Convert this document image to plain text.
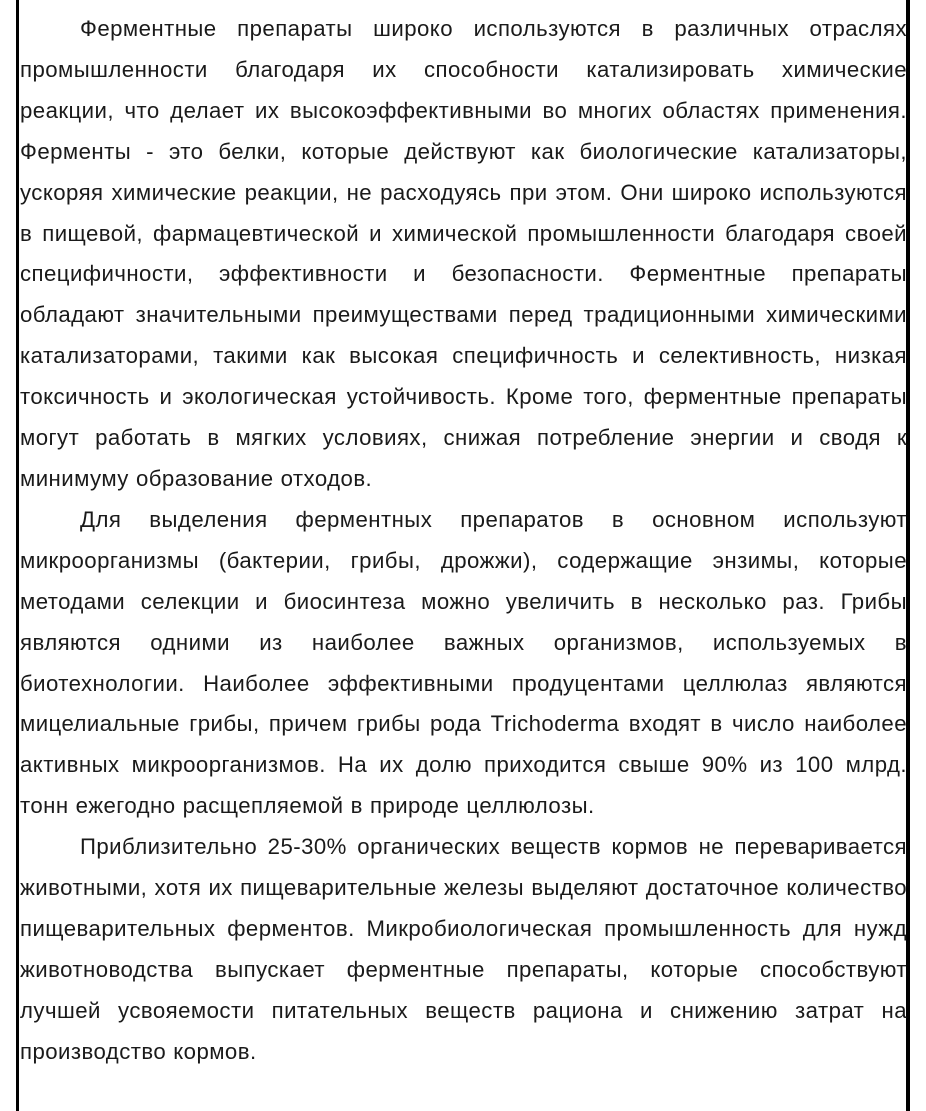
Ферментные препараты широко используются в различных отраслях промышленности благодаря их способности катализировать химические реакции, что делает их высокоэффективными во многих областях применения. Ферменты - это белки, которые действуют как биологические катализаторы, ускоряя химические реакции, не расходуясь при этом. Они широко используются в пищевой, фармацевтической и химической промышленности благодаря своей специфичности, эффективности и безопасности. Ферментные препараты обладают значительными преимуществами перед традиционными химическими катализаторами, такими как высокая специфичность и селективность, низкая токсичность и экологическая устойчивость. Кроме того, ферментные препараты могут работать в мягких условиях, снижая потребление энергии и сводя к минимуму образование отходов.

Для выделения ферментных препаратов в основном используют микроорганизмы (бактерии, грибы, дрожжи), содержащие энзимы, которые методами селекции и биосинтеза можно увеличить в несколько раз. Грибы являются одними из наиболее важных организмов, используемых в биотехнологии. Наиболее эффективными продуцентами целлюлаз являются мицелиальные грибы, причем грибы рода Trichoderma входят в число наиболее активных микроорганизмов. На их долю приходится свыше 90% из 100 млрд. тонн ежегодно расщепляемой в природе целлюлозы.

Приблизительно 25-30% органических веществ кормов не переваривается животными, хотя их пищеварительные железы выделяют достаточное количество пищеварительных ферментов. Микробиологическая промышленность для нужд животноводства выпускает ферментные препараты, которые способствуют лучшей усвояемости питательных веществ рациона и снижению затрат на производство кормов.
